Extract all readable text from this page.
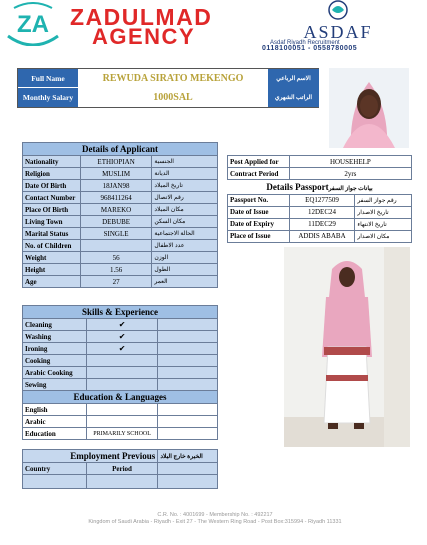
ZA ZADULMAD
AGENCY	ASDAF
Asdaf Riyadh Recruitment
0118100051 - 0558780005
Full Name	REWUDA SIRATO MEKENGO	الاسم الرباعي
Monthly Salary	1000SAL	الراتب الشهري
Details of Applicant		
Nationality	ETHIOPIAN	الجنسية
Religion	MUSLIM	الديانة
Date Of Birth	18JAN98	تاريخ الميلاد
Contact Number	968411264	رقم الاتصال
Place Of Birth	MAREKO	مكان الميلاد
Living Town	DEBUBE	مكان السكن
Marital Status	SINGLE	الحالة الاجتماعية
No. of Children		عدد الاطفال
Weight	56	الوزن
Height	1.56	الطول
Age	27	العمر
Skills & Experience		
Cleaning	✔	
Washing	✔	
Ironing	✔	
Cooking		
Arabic Cooking		
Sewing		
Education & Languages		
English		
Arabic		
Education	PRIMARILY SCHOOL	
Employment Previous		الخبرة خارج البلاد
Country	Period	

Post Applied for	HOUSEHELP
Contract Period	2yrs
Details Passportبيانات جواز السفر		
Passport No.	EQ1277509	رقم جواز السفر
Date of Issue	12DEC24	تاريخ الاصدار
Date of Expiry	11DEC29	تاريخ الانتهاء
Place of Issue	ADDIS ABABA	مكان الاصدار
C.R. No. : 4001699 - Membership No. : 492217
Kingdom of Saudi Arabia - Riyadh - Exit 27 - The Western Ring Road - Post Box:315994 - Riyadh 11331
